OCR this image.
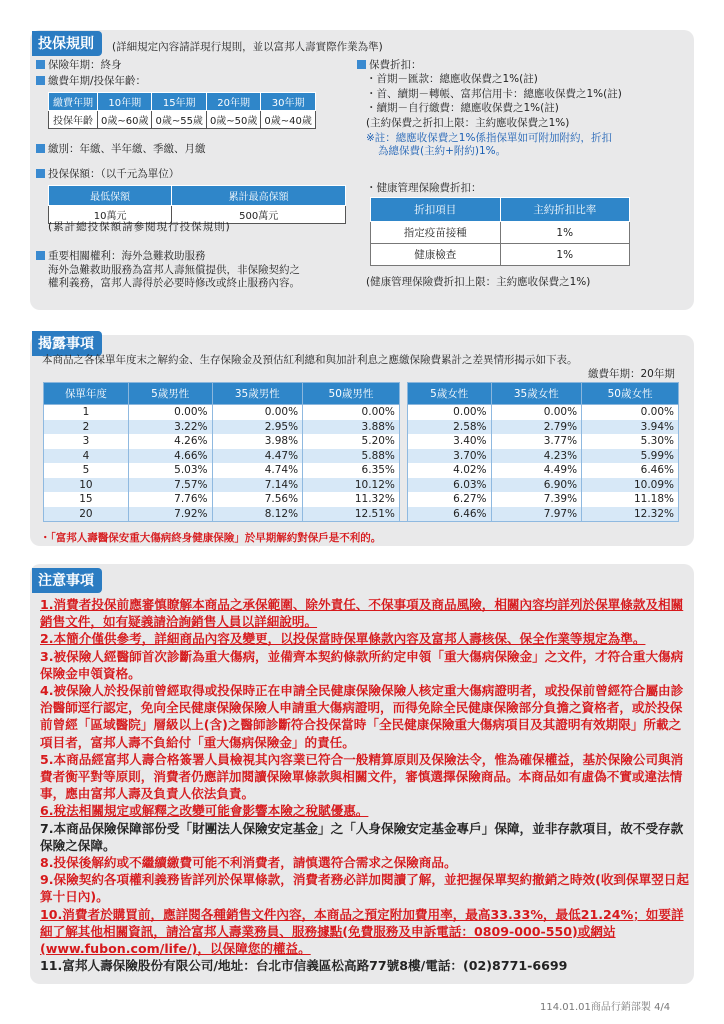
投保規則	(詳細規定內容請詳現行規則，並以富邦人壽實際作業為準)
保險年期：終身
繳費年期/投保年齡：
繳費年期	10年期	15年期	20年期	30年期
投保年齡	0歲~60歲	0歲~55歲	0歲~50歲	0歲~40歲
繳別：年繳、半年繳、季繳、月繳
投保保額：（以千元為單位）
最低保額	累計最高保額
10萬元	500萬元
(累計總投保額請參閱現行投保規則)
重要相關權利：海外急難救助服務
海外急難救助服務為富邦人壽無償提供，非保險契約之
權利義務，富邦人壽得於必要時修改或終止服務內容。
保費折扣：
・首期－匯款：總應收保費之1%(註)
・首、續期－轉帳、富邦信用卡：總應收保費之1%(註)
・續期－自行繳費：總應收保費之1%(註)
(主約保費之折扣上限：主約應收保費之1%)
※註：總應收保費之1%係指保單如可附加附約，折扣
為總保費(主約+附約)1%。
・健康管理保險費折扣：
折扣項目	主約折扣比率
指定疫苗接種	1%
健康檢查	1%
(健康管理保險費折扣上限：主約應收保費之1%)
揭露事項
本商品之各保單年度末之解約金、生存保險金及預估紅利總和與加計利息之應繳保險費累計之差異情形揭示如下表。
繳費年期：20年期
保單年度	5歲男性	35歲男性	50歲男性		5歲女性	35歲女性	50歲女性
1	0.00%	0.00%	0.00%		0.00%	0.00%	0.00%
2	3.22%	2.95%	3.88%		2.58%	2.79%	3.94%
3	4.26%	3.98%	5.20%		3.40%	3.77%	5.30%
4	4.66%	4.47%	5.88%		3.70%	4.23%	5.99%
5	5.03%	4.74%	6.35%		4.02%	4.49%	6.46%
10	7.57%	7.14%	10.12%		6.03%	6.90%	10.09%
15	7.76%	7.56%	11.32%		6.27%	7.39%	11.18%
20	7.92%	8.12%	12.51%		6.46%	7.97%	12.32%
・「富邦人壽醫保安重大傷病終身健康保險」於早期解約對保戶是不利的。
注意事項

1.消費者投保前應審慎瞭解本商品之承保範圍、除外責任、不保事項及商品風險，相關內容均詳列於保單條款及相關銷售文件，如有疑義請洽詢銷售人員以詳細說明。

2.本簡介僅供參考，詳細商品內容及變更，以投保當時保單條款內容及富邦人壽核保、保全作業等規定為準。

3.被保險人經醫師首次診斷為重大傷病，並備齊本契約條款所約定申領「重大傷病保險金」之文件，才符合重大傷病保險金申領資格。

4.被保險人於投保前曾經取得或投保時正在申請全民健康保險保險人核定重大傷病證明者，或投保前曾經符合屬由診治醫師逕行認定，免向全民健康保險保險人申請重大傷病證明，而得免除全民健康保險部分負擔之資格者，或於投保前曾經「區域醫院」層級以上(含)之醫師診斷符合投保當時「全民健康保險重大傷病項目及其證明有效期限」所載之項目者，富邦人壽不負給付「重大傷病保險金」的責任。

5.本商品經富邦人壽合格簽署人員檢視其內容業已符合一般精算原則及保險法令，惟為確保權益，基於保險公司與消費者衡平對等原則，消費者仍應詳加閱讀保險單條款與相關文件，審慎選擇保險商品。本商品如有虛偽不實或違法情事，應由富邦人壽及負責人依法負責。

6.稅法相關規定或解釋之改變可能會影響本險之稅賦優惠。

7.本商品保險保障部份受「財團法人保險安定基金」之「人身保險安定基金專戶」保障，並非存款項目，故不受存款保險之保障。

8.投保後解約或不繼續繳費可能不利消費者，請慎選符合需求之保險商品。

9.保險契約各項權利義務皆詳列於保單條款，消費者務必詳加閱讀了解，並把握保單契約撤銷之時效(收到保單翌日起算十日內)。

10.消費者於購買前，應詳閱各種銷售文件內容，本商品之預定附加費用率，最高33.33%，最低21.24%；如要詳細了解其他相關資訊，請洽富邦人壽業務員、服務據點(免費服務及申訴電話：0809-000-550)或網站(www.fubon.com/life/)，以保障您的權益。

11.富邦人壽保險股份有限公司/地址：台北市信義區松高路77號8樓/電話：(02)8771-6699

114.01.01商品行銷部製 4/4
